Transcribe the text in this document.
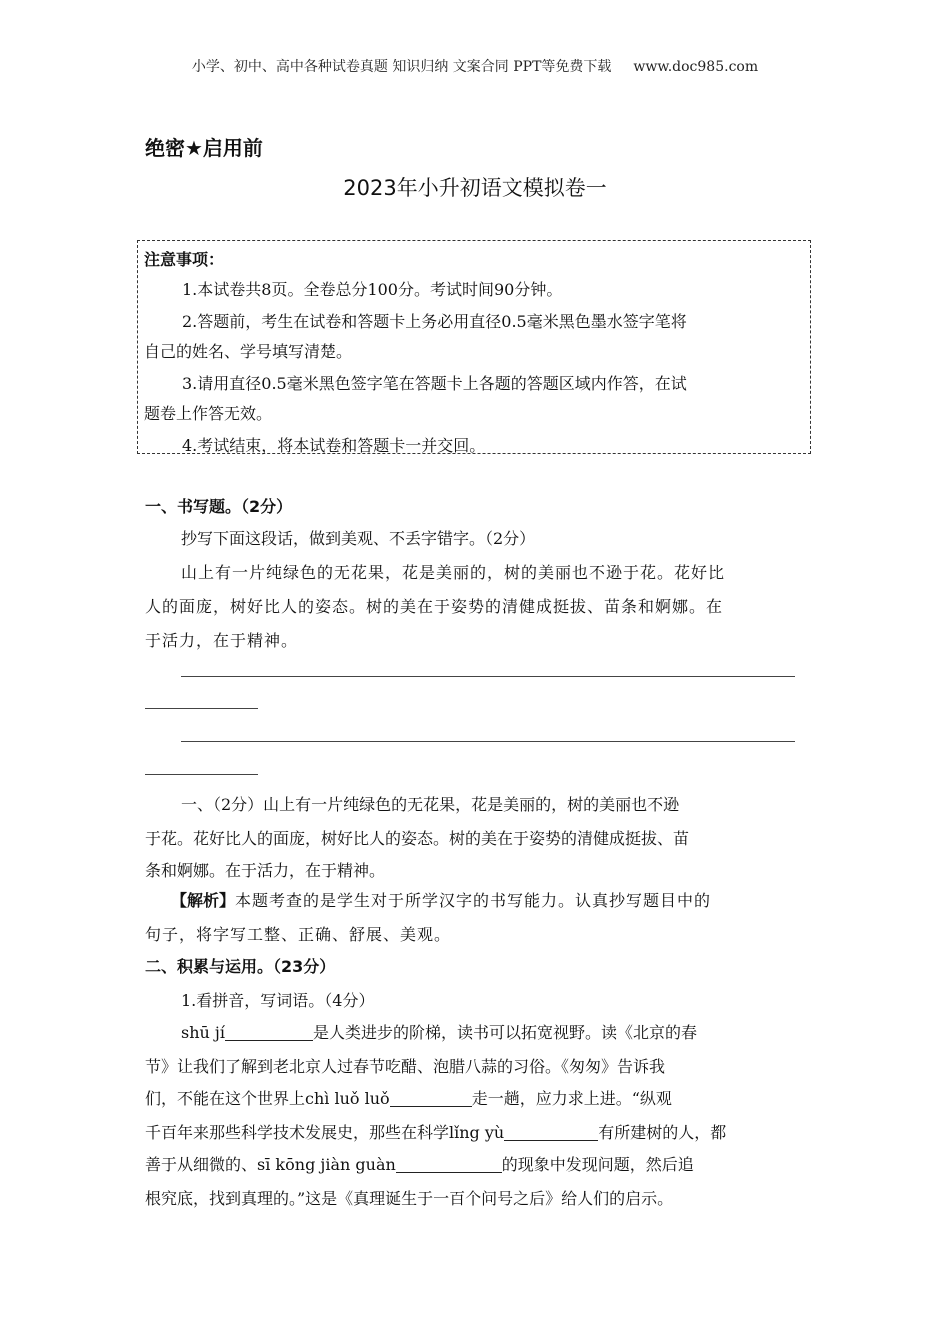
小学、初中、高中各种试卷真题 知识归纳 文案合同 PPT等免费下载 www.doc985.com
绝密★启用前
2023年小升初语文模拟卷一
注意事项：
1.本试卷共8页。全卷总分100分。考试时间90分钟。
2.答题前，考生在试卷和答题卡上务必用直径0.5毫米黑色墨水签字笔将
自己的姓名、学号填写清楚。
3.请用直径0.5毫米黑色签字笔在答题卡上各题的答题区域内作答，在试
题卷上作答无效。
4.考试结束，将本试卷和答题卡一并交回。
一、书写题。（2分）
抄写下面这段话，做到美观、不丢字错字。（2分）
山上有一片纯绿色的无花果，花是美丽的，树的美丽也不逊于花。花好比
人的面庞，树好比人的姿态。树的美在于姿势的清健成挺拔、苗条和婀娜。在
于活力，在于精神。
一、（2分）山上有一片纯绿色的无花果，花是美丽的，树的美丽也不逊
于花。花好比人的面庞，树好比人的姿态。树的美在于姿势的清健成挺拔、苗
条和婀娜。在于活力，在于精神。
【解析】本题考查的是学生对于所学汉字的书写能力。认真抄写题目中的
句子，将字写工整、正确、舒展、美观。
二、积累与运用。（23分）
1.看拼音，写词语。（4分）
shū jí	是人类进步的阶梯，读书可以拓宽视野。读《北京的春
节》让我们了解到老北京人过春节吃醋、泡腊八蒜的习俗。《匆匆》告诉我
们，不能在这个世界上chì luǒ luǒ	走一趟，应力求上进。“纵观
千百年来那些科学技术发展史，那些在科学lǐng yù	有所建树的人，都
善于从细微的、sī kōng jiàn guàn	的现象中发现问题，然后追
根究底，找到真理的。”这是《真理诞生于一百个问号之后》给人们的启示。
